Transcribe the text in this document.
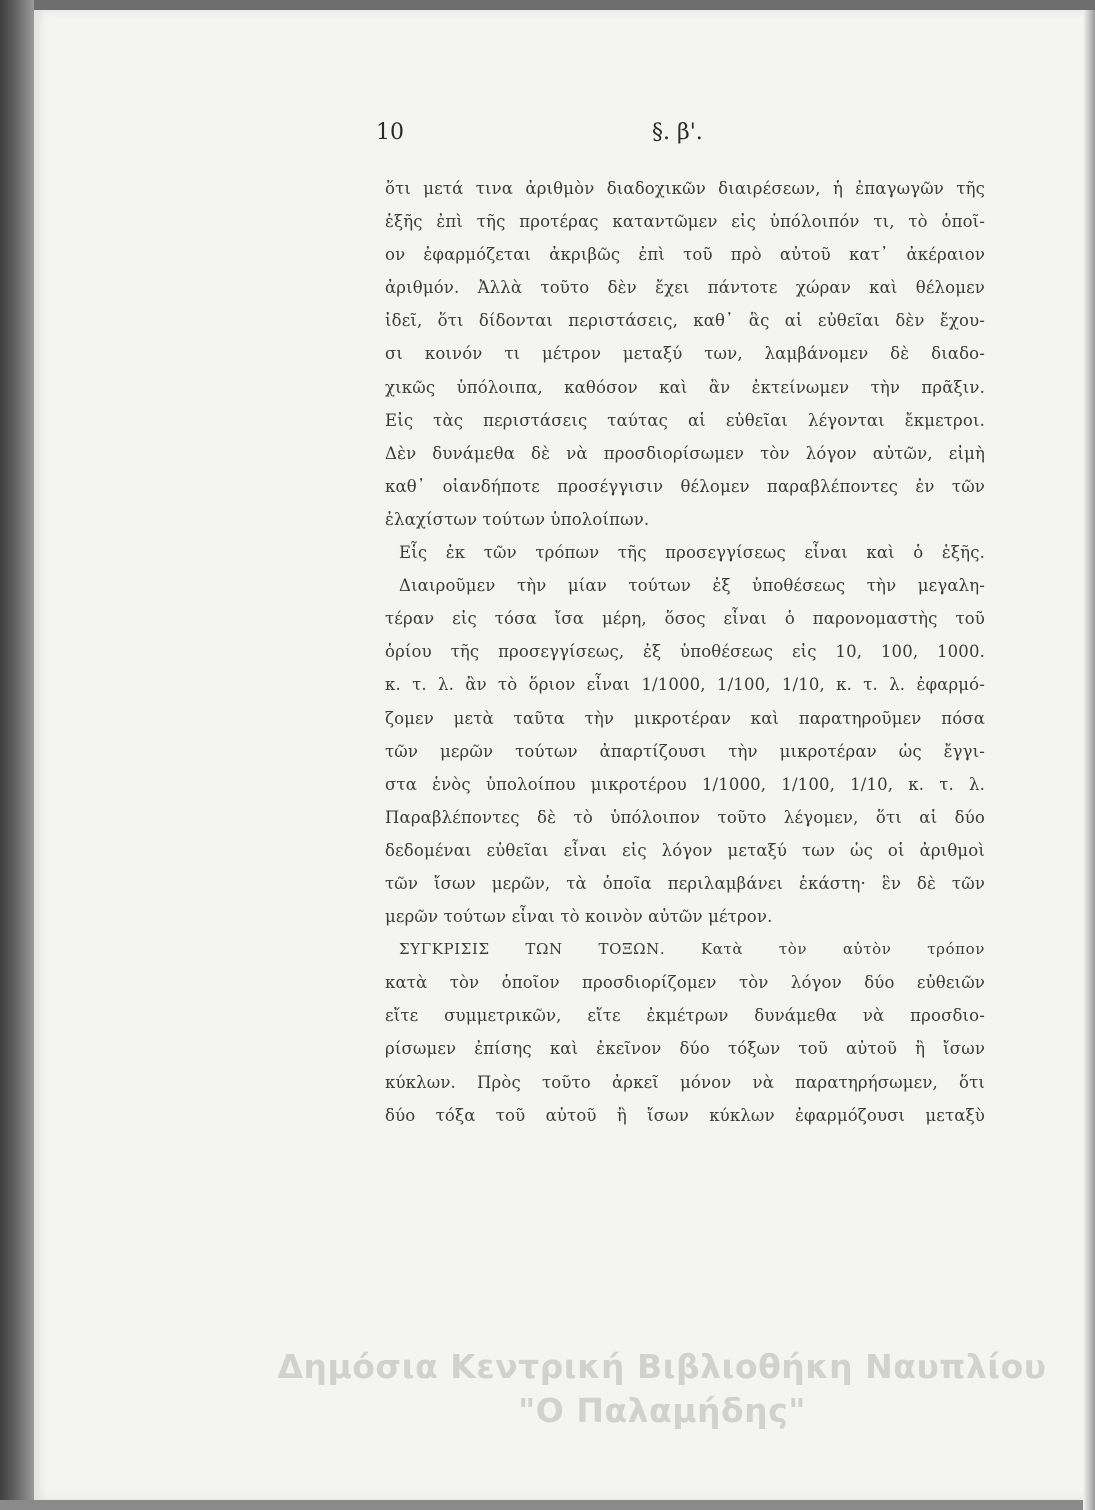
10	§. β'.
ὅτι μετά τινα ἀριθμὸν διαδοχικῶν διαιρέσεων, ἡ ἐπαγωγῶν τῆς
ἑξῆς ἐπὶ τῆς προτέρας καταντῶμεν εἰς ὑπόλοιπόν τι, τὸ ὁποῖ-
ον ἐφαρμόζεται ἀκριβῶς ἐπὶ τοῦ πρὸ αὐτοῦ κατ᾽ ἀκέραιον
ἀριθμόν. Ἀλλὰ τοῦτο δὲν ἔχει πάντοτε χώραν καὶ θέλομεν
ἰδεῖ, ὅτι δίδονται περιστάσεις, καθ᾽ ἃς αἱ εὐθεῖαι δὲν ἔχου-
σι κοινόν τι μέτρον μεταξύ των, λαμβάνομεν δὲ διαδο-
χικῶς ὑπόλοιπα, καθόσον καὶ ἂν ἐκτείνωμεν τὴν πρᾶξιν.
Εἰς τὰς περιστάσεις ταύτας αἱ εὐθεῖαι λέγονται ἔκμετροι.
Δὲν δυνάμεθα δὲ νὰ προσδιορίσωμεν τὸν λόγον αὐτῶν, εἰμὴ
καθ᾽ οἱανδήποτε προσέγγισιν θέλομεν παραβλέποντες ἐν τῶν
ἐλαχίστων τούτων ὑπολοίπων.
Εἷς ἐκ τῶν τρόπων τῆς προσεγγίσεως εἶναι καὶ ὁ ἑξῆς.
Διαιροῦμεν τὴν μίαν τούτων ἐξ ὑποθέσεως τὴν μεγαλη-
τέραν εἰς τόσα ἴσα μέρη, ὅσος εἶναι ὁ παρονομαστὴς τοῦ
ὁρίου τῆς προσεγγίσεως, ἐξ ὑποθέσεως εἰς 10, 100, 1000.
κ. τ. λ. ἂν τὸ ὅριον εἶναι 1/1000, 1/100, 1/10, κ. τ. λ. ἐφαρμό-
ζομεν μετὰ ταῦτα τὴν μικροτέραν καὶ παρατηροῦμεν πόσα
τῶν μερῶν τούτων ἀπαρτίζουσι τὴν μικροτέραν ὡς ἔγγι-
στα ἑνὸς ὑπολοίπου μικροτέρου 1/1000, 1/100, 1/10, κ. τ. λ.
Παραβλέποντες δὲ τὸ ὑπόλοιπον τοῦτο λέγομεν, ὅτι αἱ δύο
δεδομέναι εὐθεῖαι εἶναι εἰς λόγον μεταξύ των ὡς οἱ ἀριθμοὶ
τῶν ἴσων μερῶν, τὰ ὁποῖα περιλαμβάνει ἑκάστη· ἓν δὲ τῶν
μερῶν τούτων εἶναι τὸ κοινὸν αὐτῶν μέτρον.
ΣΥΓΚΡΙΣΙΣ ΤΩΝ ΤΟΞΩΝ. Κατὰ τὸν αὐτὸν τρόπον
κατὰ τὸν ὁποῖον προσδιορίζομεν τὸν λόγον δύο εὐθειῶν
εἴτε συμμετρικῶν, εἴτε ἐκμέτρων δυνάμεθα νὰ προσδιο-
ρίσωμεν ἐπίσης καὶ ἐκεῖνον δύο τόξων τοῦ αὐτοῦ ἢ ἴσων
κύκλων. Πρὸς τοῦτο ἀρκεῖ μόνον νὰ παρατηρήσωμεν, ὅτι
δύο τόξα τοῦ αὐτοῦ ἢ ἴσων κύκλων ἐφαρμόζουσι μεταξὺ
Δημόσια Κεντρική Βιβλιοθήκη Ναυπλίου
"Ο Παλαμήδης"
